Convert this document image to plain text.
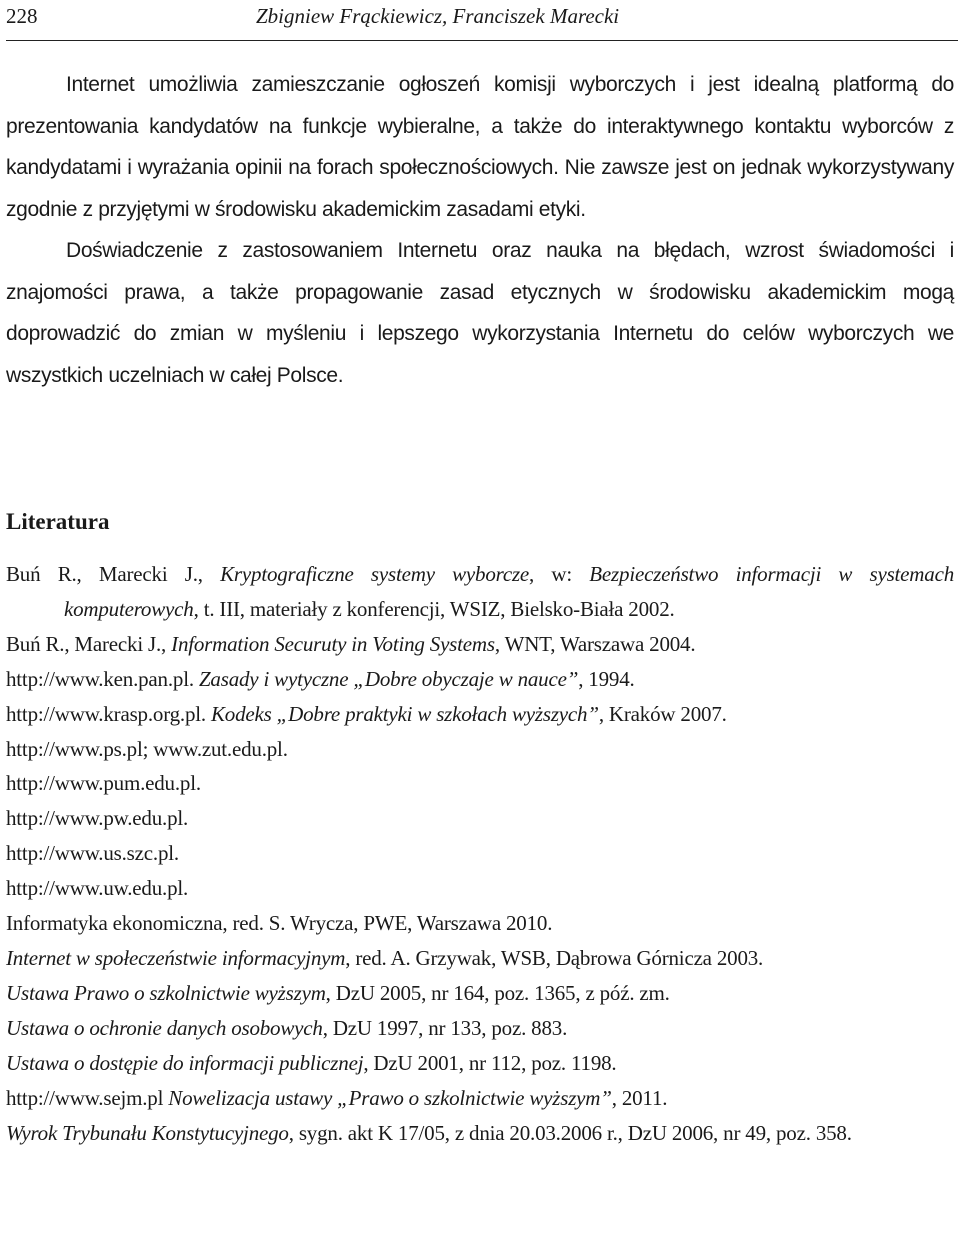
228	Zbigniew Frąckiewicz, Franciszek Marecki

Internet umożliwia zamieszczanie ogłoszeń komisji wyborczych i jest idealną platformą do prezentowania kandydatów na funkcje wybieralne, a także do interaktywnego kontaktu wyborców z kandydatami i wyrażania opinii na forach społecznościowych. Nie zawsze jest on jednak wykorzystywany zgodnie z przyjętymi w środowisku akademickim zasadami etyki.

Doświadczenie z zastosowaniem Internetu oraz nauka na błędach, wzrost świadomości i znajomości prawa, a także propagowanie zasad etycznych w środowisku akademickim mogą doprowadzić do zmian w myśleniu i lepszego wykorzystania Internetu do celów wyborczych we wszystkich uczelniach w całej Polsce.

Literatura
Buń R., Marecki J., Kryptograficzne systemy wyborcze, w: Bezpieczeństwo informacji w systemach komputerowych, t. III, materiały z konferencji, WSIZ, Bielsko-Biała 2002.
Buń R., Marecki J., Information Securuty in Voting Systems, WNT, Warszawa 2004.
http://www.ken.pan.pl. Zasady i wytyczne „Dobre obyczaje w nauce”, 1994.
http://www.krasp.org.pl. Kodeks „Dobre praktyki w szkołach wyższych”, Kraków 2007.
http://www.ps.pl; www.zut.edu.pl.
http://www.pum.edu.pl.
http://www.pw.edu.pl.
http://www.us.szc.pl.
http://www.uw.edu.pl.
Informatyka ekonomiczna, red. S. Wrycza, PWE, Warszawa 2010.
Internet w społeczeństwie informacyjnym, red. A. Grzywak, WSB, Dąbrowa Górnicza 2003.
Ustawa Prawo o szkolnictwie wyższym, DzU 2005, nr 164, poz. 1365, z póź. zm.
Ustawa o ochronie danych osobowych, DzU 1997, nr 133, poz. 883.
Ustawa o dostępie do informacji publicznej, DzU 2001, nr 112, poz. 1198.
http://www.sejm.pl Nowelizacja ustawy „Prawo o szkolnictwie wyższym”, 2011.
Wyrok Trybunału Konstytucyjnego, sygn. akt K 17/05, z dnia 20.03.2006 r., DzU 2006, nr 49, poz. 358.
